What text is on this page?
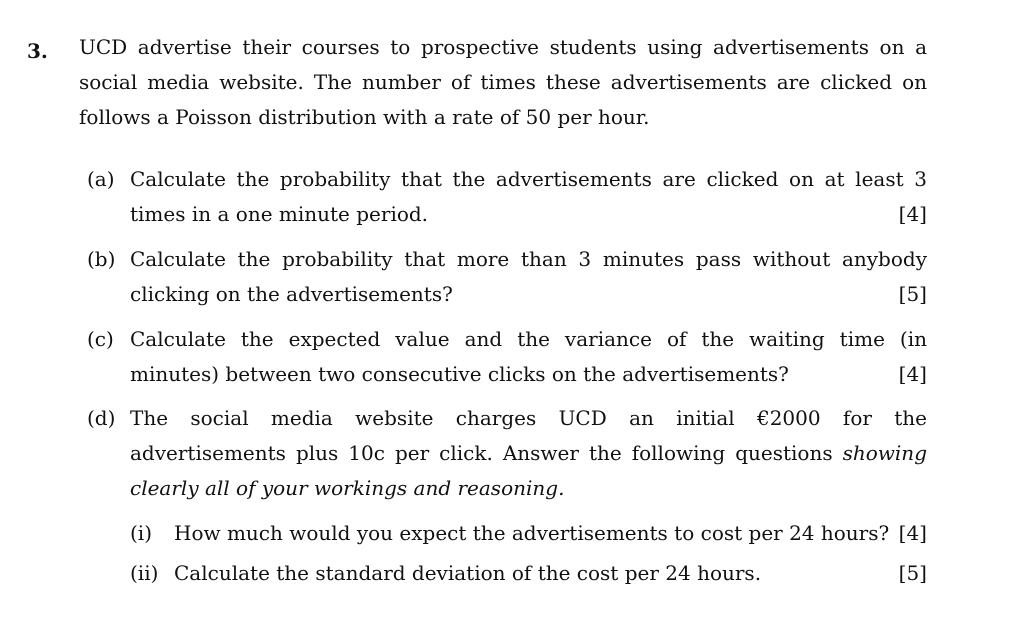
3. UCD advertise their courses to prospective students using advertisements on a social media website. The number of times these advertisements are clicked on follows a Poisson distribution with a rate of 50 per hour.
(a) Calculate the probability that the advertisements are clicked on at least 3 times in a one minute period.	[4]
(b) Calculate the probability that more than 3 minutes pass without anybody clicking on the advertisements?	[5]
(c) Calculate the expected value and the variance of the waiting time (in minutes) between two consecutive clicks on the advertisements?	[4]
(d) The social media website charges UCD an initial €2000 for the advertisements plus 10c per click. Answer the following questions showing clearly all of your workings and reasoning.
(i) How much would you expect the advertisements to cost per 24 hours? [4]
(ii) Calculate the standard deviation of the cost per 24 hours.	[5]
